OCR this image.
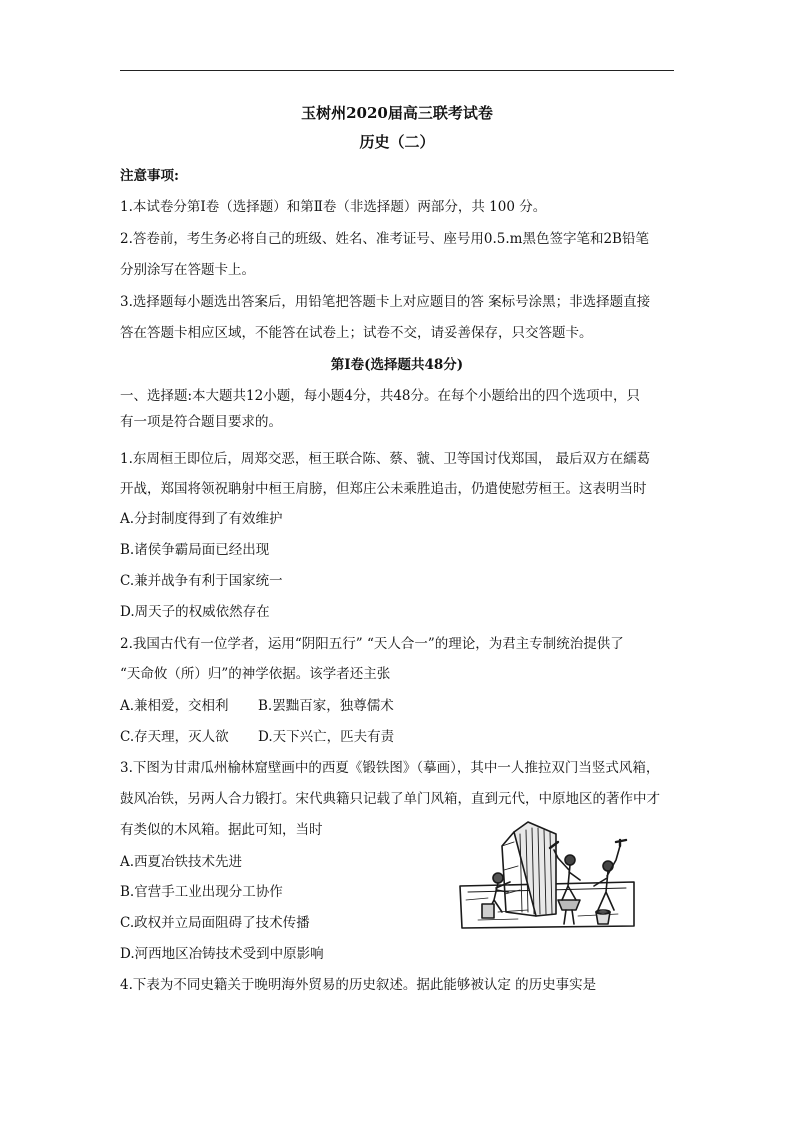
玉树州2020届高三联考试卷
历史（二）
注意事项:
1.本试卷分第Ⅰ卷（选择题）和第Ⅱ卷（非选择题）两部分，共 100 分。
2.答卷前，考生务必将自己的班级、姓名、准考证号、座号用0.5.m黑色签字笔和2B铅笔
分别涂写在答题卡上。
3.选择题每小题选出答案后，用铅笔把答题卡上对应题目的答 案标号涂黑；非选择题直接
答在答题卡相应区域，不能答在试卷上；试卷不交，请妥善保存，只交答题卡。
第Ⅰ卷(选择题共48分)
一、选择题:本大题共12小题，每小题4分，共48分。在每个小题给出的四个选项中，只
有一项是符合题目要求的。
1.东周桓王即位后，周郑交恶，桓王联合陈、蔡、虢、卫等国讨伐郑国， 最后双方在繻葛
开战，郑国将领祝聃射中桓王肩膀，但郑庄公未乘胜追击，仍遣使慰劳桓王。这表明当时
A.分封制度得到了有效维护
B.诸侯争霸局面已经出现
C.兼并战争有利于国家统一
D.周天子的权威依然存在
2.我国古代有一位学者，运用“阴阳五行” “天人合一”的理论，为君主专制统治提供了
“天命攸（所）归”的神学依据。该学者还主张
A.兼相爱，交相利 B.罢黜百家，独尊儒术
C.存天理，灭人欲 D.天下兴亡，匹夫有责
3.下图为甘肃瓜州榆林窟壁画中的西夏《锻铁图》（摹画），其中一人推拉双门当竖式风箱，
鼓风冶铁，另两人合力锻打。宋代典籍只记载了单门风箱，直到元代，中原地区的著作中才
有类似的木风箱。据此可知，当时
A.西夏冶铁技术先进
B.官营手工业出现分工协作
C.政权并立局面阻碍了技术传播
D.河西地区冶铸技术受到中原影响
4.下表为不同史籍关于晚明海外贸易的历史叙述。据此能够被认定 的历史事实是
